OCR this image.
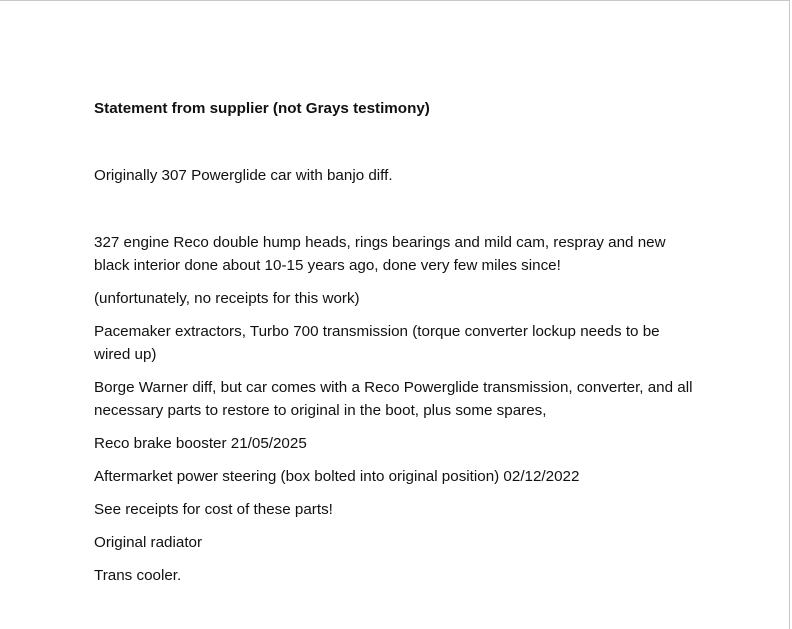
Statement from supplier (not Grays testimony)

Originally 307 Powerglide car with banjo diff.

327 engine Reco double hump heads, rings bearings and mild cam, respray and new black interior done about 10-15 years ago, done very few miles since!

(unfortunately, no receipts for this work)

Pacemaker extractors, Turbo 700 transmission (torque converter lockup needs to be wired up)

Borge Warner diff, but car comes with a Reco Powerglide transmission, converter, and all necessary parts to restore to original in the boot, plus some spares,

Reco brake booster 21/05/2025

Aftermarket power steering (box bolted into original position) 02/12/2022

See receipts for cost of these parts!

Original radiator

Trans cooler.
